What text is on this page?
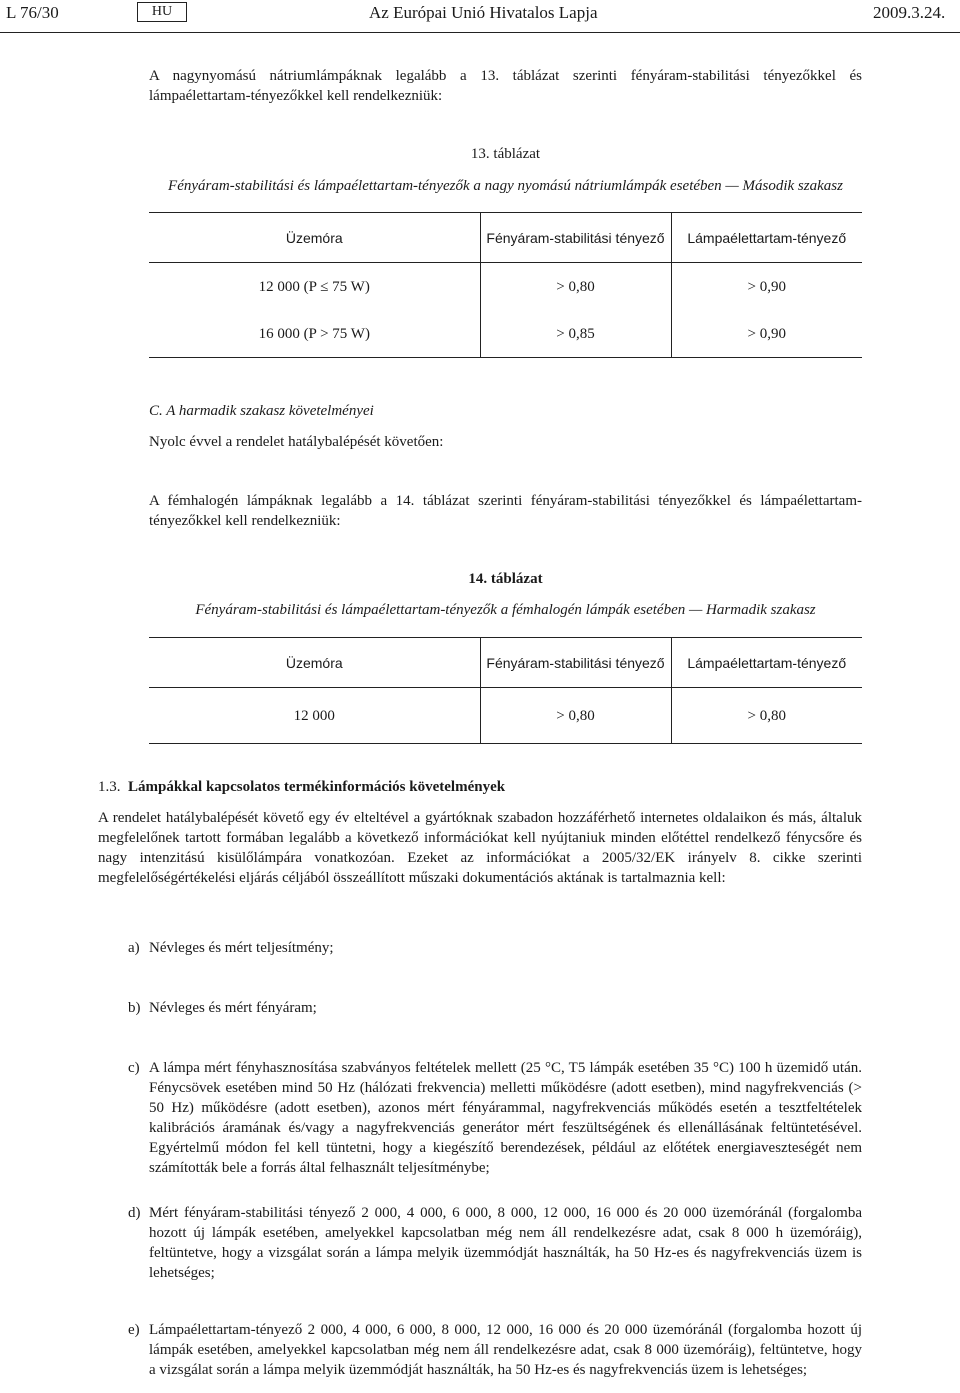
L 76/30	HU	Az Európai Unió Hivatalos Lapja	2009.3.24.
A nagynyomású nátriumlámpáknak legalább a 13. táblázat szerinti fényáram-stabilitási tényezőkkel és lámpaélettartam-tényezőkkel kell rendelkezniük:
13. táblázat
Fényáram-stabilitási és lámpaélettartam-tényezők a nagy nyomású nátriumlámpák esetében — Második szakasz
Üzemóra	Fényáram-stabilitási tényező	Lámpaélettartam-tényező
12 000 (P ≤ 75 W)	> 0,80	> 0,90
16 000 (P > 75 W)	> 0,85	> 0,90
C. A harmadik szakasz követelményei
Nyolc évvel a rendelet hatálybalépését követően:
A fémhalogén lámpáknak legalább a 14. táblázat szerinti fényáram-stabilitási tényezőkkel és lámpaélettartam-tényezőkkel kell rendelkezniük:
14. táblázat
Fényáram-stabilitási és lámpaélettartam-tényezők a fémhalogén lámpák esetében — Harmadik szakasz
Üzemóra	Fényáram-stabilitási tényező	Lámpaélettartam-tényező
12 000	> 0,80	> 0,80
1.3. Lámpákkal kapcsolatos termékinformációs követelmények
A rendelet hatálybalépését követő egy év elteltével a gyártóknak szabadon hozzáférhető internetes oldalaikon és más, általuk megfelelőnek tartott formában legalább a következő információkat kell nyújtaniuk minden előtéttel rendelkező fénycsőre és nagy intenzitású kisülőlámpára vonatkozóan. Ezeket az információkat a 2005/32/EK irányelv 8. cikke szerinti megfelelőségértékelési eljárás céljából összeállított műszaki dokumentációs aktának is tartalmaznia kell:
a) Névleges és mért teljesítmény;
b) Névleges és mért fényáram;
c) A lámpa mért fényhasznosítása szabványos feltételek mellett (25 °C, T5 lámpák esetében 35 °C) 100 h üzemidő után. Fénycsövek esetében mind 50 Hz (hálózati frekvencia) melletti működésre (adott esetben), mind nagyfrekvenciás (> 50 Hz) működésre (adott esetben), azonos mért fényárammal, nagyfrekvenciás működés esetén a tesztfeltételek kalibrációs áramának és/vagy a nagyfrekvenciás generátor mért feszültségének és ellenállásának feltüntetésével. Egyértelmű módon fel kell tüntetni, hogy a kiegészítő berendezések, például az előtétek energiaveszteségét nem számították bele a forrás által felhasznált teljesítménybe;
d) Mért fényáram-stabilitási tényező 2 000, 4 000, 6 000, 8 000, 12 000, 16 000 és 20 000 üzemóránál (forgalomba hozott új lámpák esetében, amelyekkel kapcsolatban még nem áll rendelkezésre adat, csak 8 000 h üzemóráig), feltüntetve, hogy a vizsgálat során a lámpa melyik üzemmódját használták, ha 50 Hz-es és nagyfrekvenciás üzem is lehetséges;
e) Lámpaélettartam-tényező 2 000, 4 000, 6 000, 8 000, 12 000, 16 000 és 20 000 üzemóránál (forgalomba hozott új lámpák esetében, amelyekkel kapcsolatban még nem áll rendelkezésre adat, csak 8 000 üzemóráig), feltüntetve, hogy a vizsgálat során a lámpa melyik üzemmódját használták, ha 50 Hz-es és nagyfrekvenciás üzem is lehetséges;
